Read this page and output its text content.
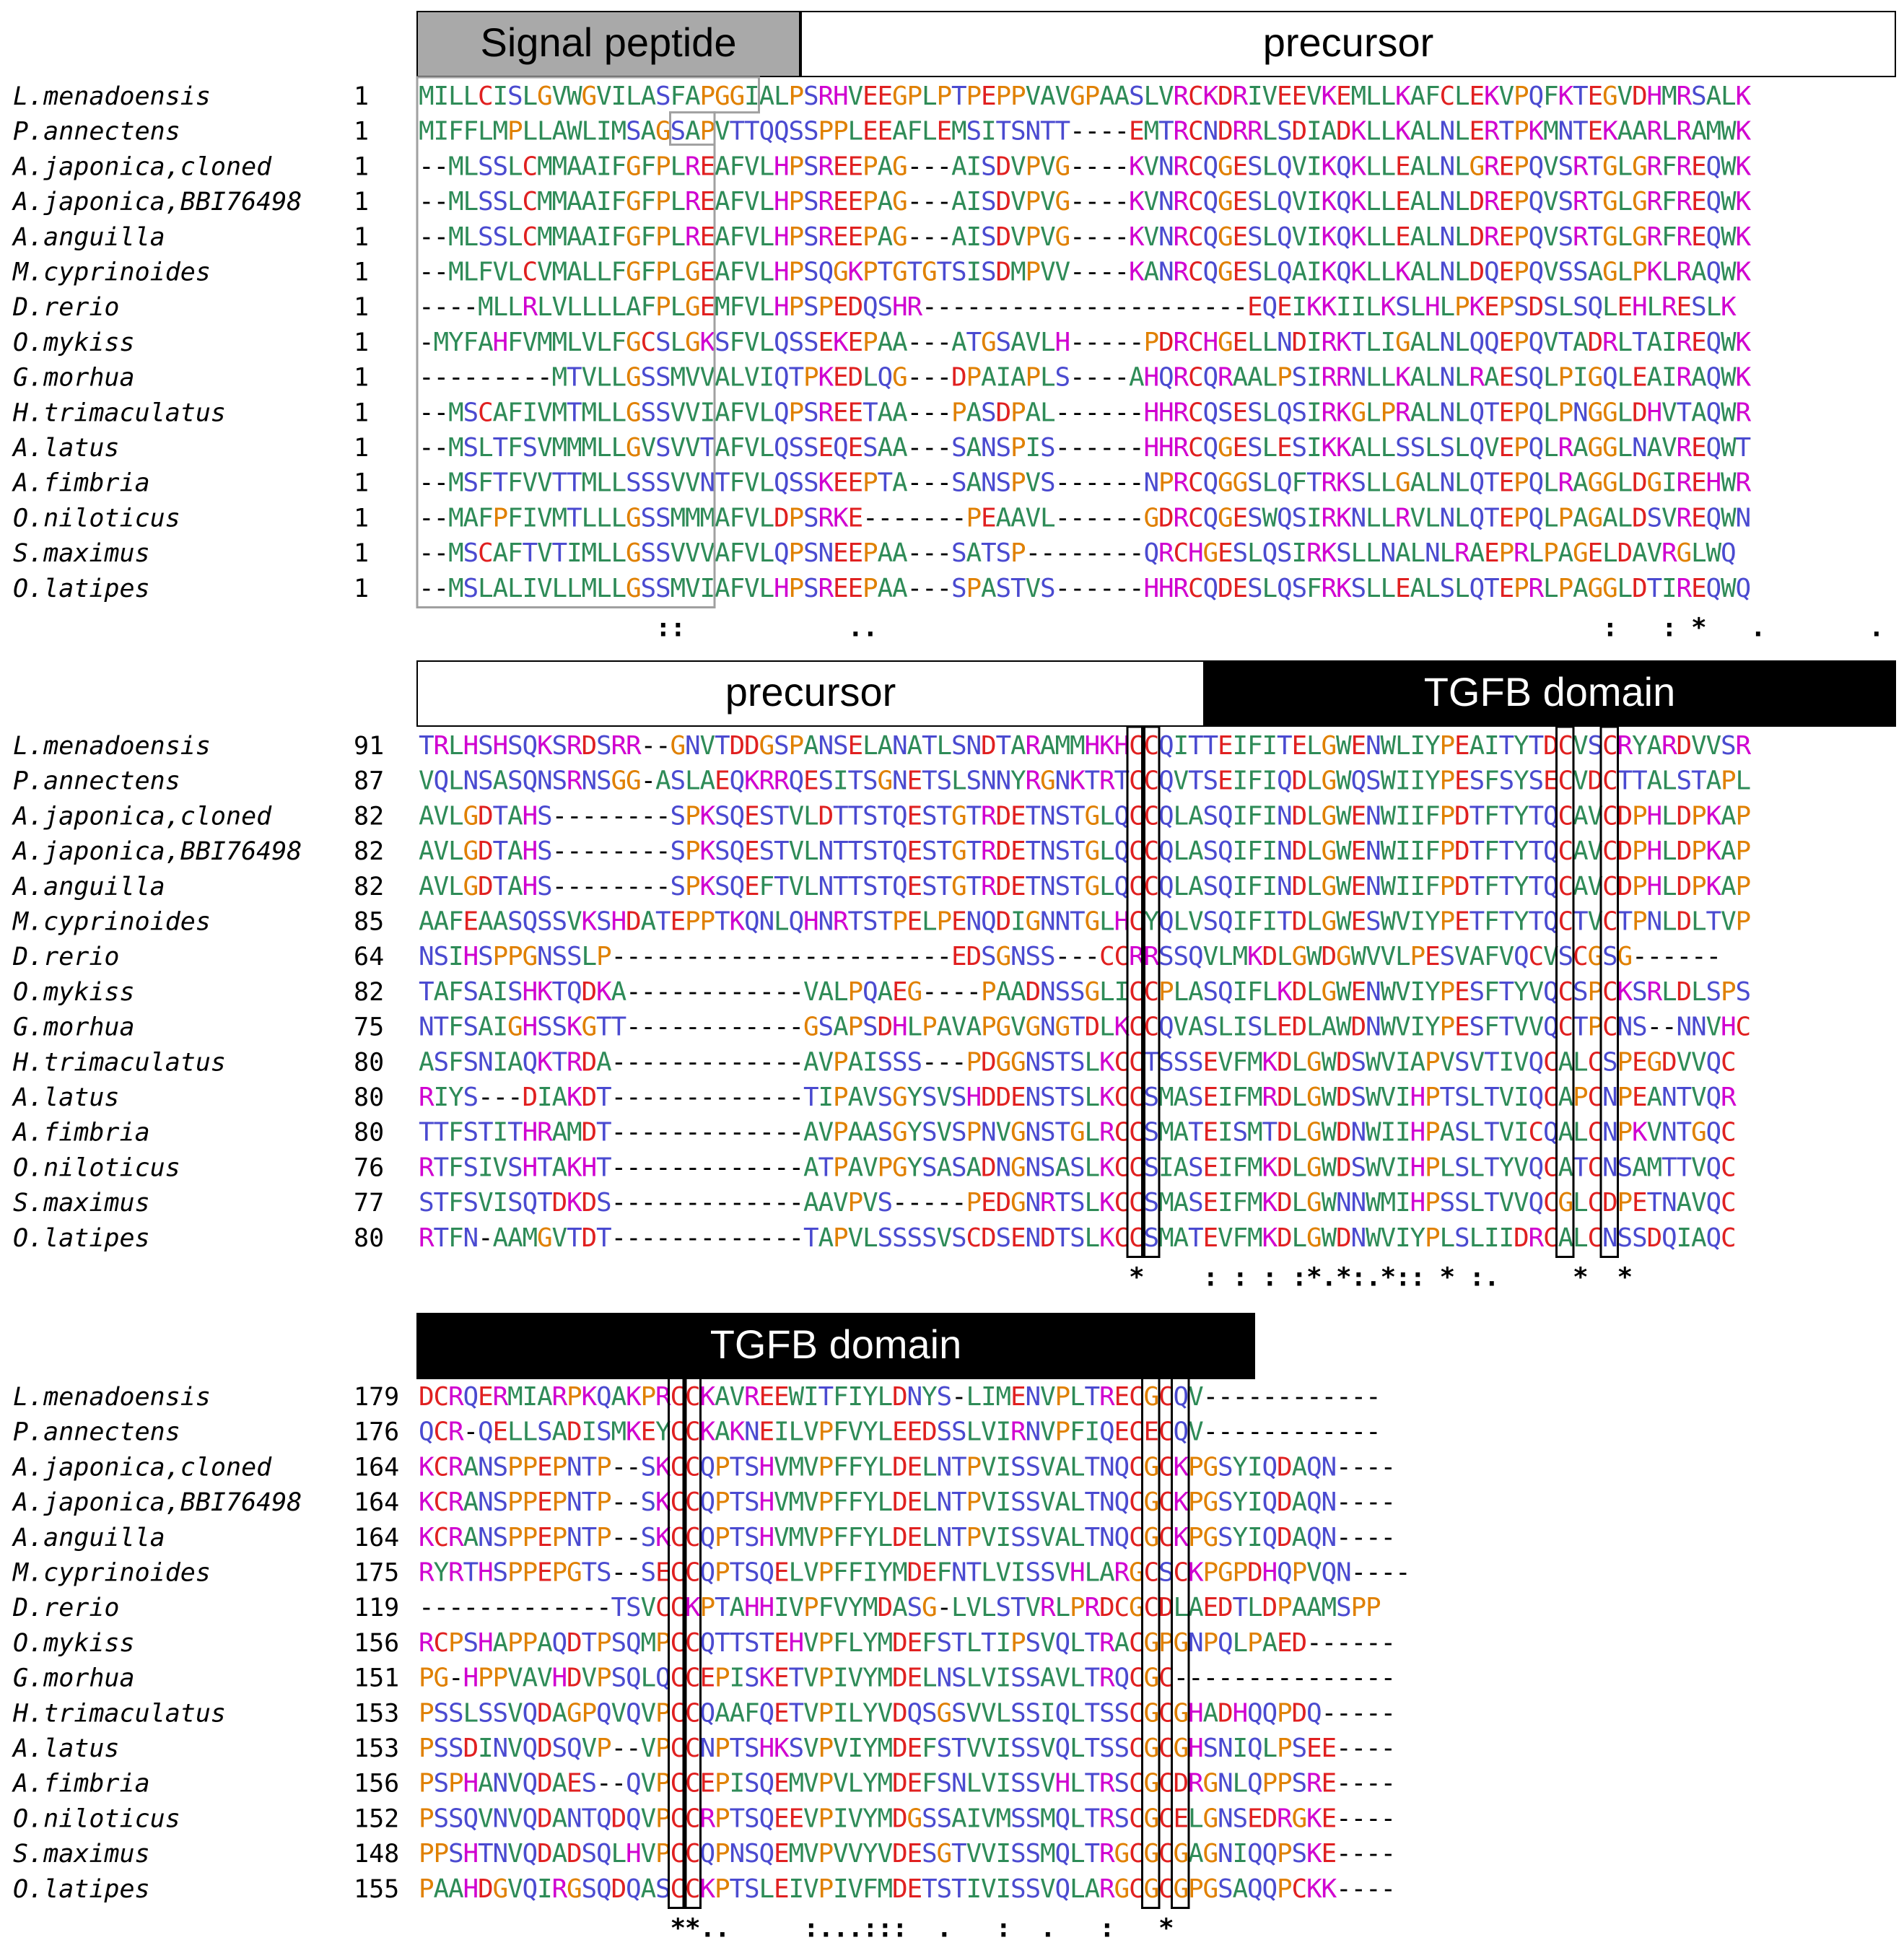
Signal peptide	precursor
L.menadoensis	1 MILLCISLGVWGVILASFAPGGIALPSRHVEEGPLPTPEPPVAVGPAASLVRCKDRIVEEVKEMLLKAFCLEKVPQFKTEGVDHMRSALK
P.annectens	1 MIFFLMPLLAWLIMSAGSAPVTTQQSSPPLEEAFLEMSITSNTT----EMTRCNDRRLSDIADKLLKALNLERTPKMNTEKAARLRAMWK
A.japonica,cloned	1 --MLSSLCMMAAIFGFPLREAFVLHPSREEPAG---AISDVPVG----KVNRCQGESLQVIKQKLLEALNLGREPQVSRTGLGRFREQWK
A.japonica,BBI76498 1 --MLSSLCMMAAIFGFPLREAFVLHPSREEPAG---AISDVPVG----KVNRCQGESLQVIKQKLLEALNLDREPQVSRTGLGRFREQWK
A.anguilla	1 --MLSSLCMMAAIFGFPLREAFVLHPSREEPAG---AISDVPVG----KVNRCQGESLQVIKQKLLEALNLDREPQVSRTGLGRFREQWK
M.cyprinoides	1 --MLFVLCVMALLFGFPLGEAFVLHPSQGKPTGTGTSISDMPVV----KANRCQGESLQAIKQKLLKALNLDQEPQVSSAGLPKLRAQWK
D.rerio	1 ----MLLRLVLLLLAFPLGEMFVLHPSPEDQSHR----------------------EQEIKKIILKSLHLPKEPSDSLSQLEHLRESLK
O.mykiss	1 -MYFAHFVMMLVLFGCSLGKSFVLQSSEKEPAA---ATGSAVLH-----PDRCHGELLNDIRKTLIGALNLQQEPQVTADRLTAIREQWK
G.morhua	1 ---------MTVLLGSSMVVALVIQTPKEDLQG---DPAIAPLS----AHQRCQRAALPSIRRNLLKALNLRAESQLPIGQLEAIRAQWK
H.trimaculatus	1 --MSCAFIVMTMLLGSSVVIAFVLQPSREETAA---PASDPAL------HHRCQSESLQSIRKGLPRALNLQTEPQLPNGGLDHVTAQWR
A.latus	1 --MSLTFSVMMMLLGVSVVTAFVLQSSEQESAA---SANSPIS------HHRCQGESLESIKKALLSSLSLQVEPQLRAGGLNAVREQWT
A.fimbria	1 --MSFTFVVTTMLLSSSVVNTFVLQSSKEEPTA---SANSPVS------NPRCQGGSLQFTRKSLLGALNLQTEPQLRAGGLDGIREHWR
O.niloticus	1 --MAFPFIVMTLLLGSSMMMAFVLDPSRKE-------PEAAVL------GDRCQGESWQSIRKNLLRVLNLQTEPQLPAGALDSVREQWN
S.maximus	1 --MSCAFTVTIMLLGSSVVVAFVLQPSNEEPAA---SATSP--------QRCHGESLQSIRKSLLNALNLRAEPRLPAGELDAVRGLWQ
O.latipes	1 --MSLALIVLLMLLGSSMVIAFVLHPSREEPAA---SPASTVS------HHRCQDESLQSFRKSLLEALSLQTEPRLPAGGLDTIREQWQ
::	..	: : * .	.
precursor	TGFB domain
L.menadoensis	91 TRLHSHSQKSRDSRR--GNVTDDGSPANSELANATLSNDTARAMMHKHCCQITTEIFITELGWENWLIYPEAITYTDCVSCRYARDVVSR
P.annectens	87 VQLNSASQNSRNSGG-ASLAEQKRRQESITSGNETSLSNNYRGNKTRTCCQVTSEIFIQDLGWQSWIIYPESFSYSECVDCTTALSTAPL
A.japonica,cloned	82 AVLGDTAHS--------SPKSQESTVLDTTSTQESTGTRDETNSTGLQCCQLASQIFINDLGWENWIIFPDTFTYTQCAVCDPHLDPKAP
A.japonica,BBI76498 82 AVLGDTAHS--------SPKSQESTVLNTTSTQESTGTRDETNSTGLQCCQLASQIFINDLGWENWIIFPDTFTYTQCAVCDPHLDPKAP
A.anguilla	82 AVLGDTAHS--------SPKSQEFTVLNTTSTQESTGTRDETNSTGLQCCQLASQIFINDLGWENWIIFPDTFTYTQCAVCDPHLDPKAP
M.cyprinoides	85 AAFEAASQSSVKSHDATEPPTKQNLQHNRTSTPELPENQDIGNNTGLHCYQLVSQIFITDLGWESWVIYPETFTYTQCTVCTPNLDLTVP
D.rerio	64 NSIHSPPGNSSLP-----------------------EDSGNSS---CCRRSSQVLMKDLGWDGWVVLPESVAFVQCVSCGSG------
O.mykiss	82 TAFSAISHKTQDKA------------VALPQAEG----PAADNSSGLICCPLASQIFLKDLGWENWVIYPESFTYVQCSPCKSRLDLSPS
G.morhua	75 NTFSAIGHSSKGTT------------GSAPSDHLPAVAPGVGNGTDLKCCQVASLISLEDLAWDNWVIYPESFTVVQCTPCNS--NNVHC
H.trimaculatus	80 ASFSNIAQKTRDA-------------AVPAISSS---PDGGNSTSLKCCTSSSEVFMKDLGWDSWVIAPVSVTIVQCALCSPEGDVVQC
A.latus	80 RIYS---DIAKDT-------------TIPAVSGYSVSHDDENSTSLKCCSMASEIFMRDLGWDSWVIHPTSLTVIQCAPCNPEANTVQR
A.fimbria	80 TTFSTITHRAMDT-------------AVPAASGYSVSPNVGNSTGLRCCSMATEISMTDLGWDNWIIHPASLTVICQALCNPKVNTGQC
O.niloticus	76 RTFSIVSHTAKHT-------------ATPAVPGYSASADNGNSASLKCCSIASEIFMKDLGWDSWVIHPLSLTYVQCATCNSAMTTVQC
S.maximus	77 STFSVISQTDKDS-------------AAVPVS-----PEDGNRTSLKCCSMASEIFMKDLGWNNWMIHPSSLTVVQCGLCDPETNAVQC
O.latipes	80 RTFN-AAMGVTDT-------------TAPVLSSSSVSCDSENDTSLKCCSMATEVFMKDLGWDNWVIYPLSLIIDRCALCNSSDQIAQC
* : : : :*.*:.*:: * :.	* *
TGFB domain
L.menadoensis	179 DCRQERMIARPKQAKPRCCKAVREEWITFIYLDNYS-LIMENVPLTRECGCQV------------
P.annectens	176 QCR-QELLSADISMKEYCCKAKNEILVPFVYLEEDSSLVIRNVPFIQECECQV------------
A.japonica,cloned	164 KCRANSPPEPNTP--SKCCQPTSHVMVPFFYLDELNTPVISSVALTNQCGCKPGSYIQDAQN----
A.japonica,BBI76498 164 KCRANSPPEPNTP--SKCCQPTSHVMVPFFYLDELNTPVISSVALTNQCGCKPGSYIQDAQN----
A.anguilla	164 KCRANSPPEPNTP--SKCCQPTSHVMVPFFYLDELNTPVISSVALTNQCGCKPGSYIQDAQN----
M.cyprinoides	175 RYRTHSPPEPGTS--SECCQPTSQELVPFFIYMDEFNTLVISSVHLARGCSCKPGPDHQPVQN----
D.rerio	119 -------------TSVCCKPTAHHIVPFVYMDASG-LVLSTVRLPRDCGCDLAEDTLDPAAMSPP
O.mykiss	156 RCPSHAPPAQDTPSQMPCCQTTSTEHVPFLYMDEFSTLTIPSVQLTRACGPGNPQLPAED------
G.morhua	151 PG-HPPVAVHDVPSQLQCCEPISKETVPIVYMDELNSLVISSAVLTRQCGC---------------
H.trimaculatus	153 PSSLSSVQDAGPQVQVPCCQAAFQETVPILYVDQSGSVVLSSIQLTSSCGCGHADHQQPDQ-----
A.latus	153 PSSDINVQDSQVP--VPCCNPTSHKSVPVIYMDEFSTVVISSVQLTSSCGCGHSNIQLPSEE----
A.fimbria	156 PSPHANVQDAES--QVPCCEPISQEMVPVLYMDEFSNLVISSVHLTRSCGCDRGNLQPPSRE----
O.niloticus	152 PSSQVNVQDANTQDQVPCCRPTSQEEVPIVYMDGSSAIVMSSMQLTRSCGCELGNSEDRGKE----
S.maximus	148 PPSHTNVQDADSQLHVPCCQPNSQEMVPVVYVDESGTVVISSMQLTRGCGCGAGNIQQPSKE----
O.latipes	155 PAAHDGVQIRGSQDQASCCKPTSLEIVPIVFMDETSTIVISSVQLARGCGCGPGSAQQPCKK----
**..	:...::: . : . : *
